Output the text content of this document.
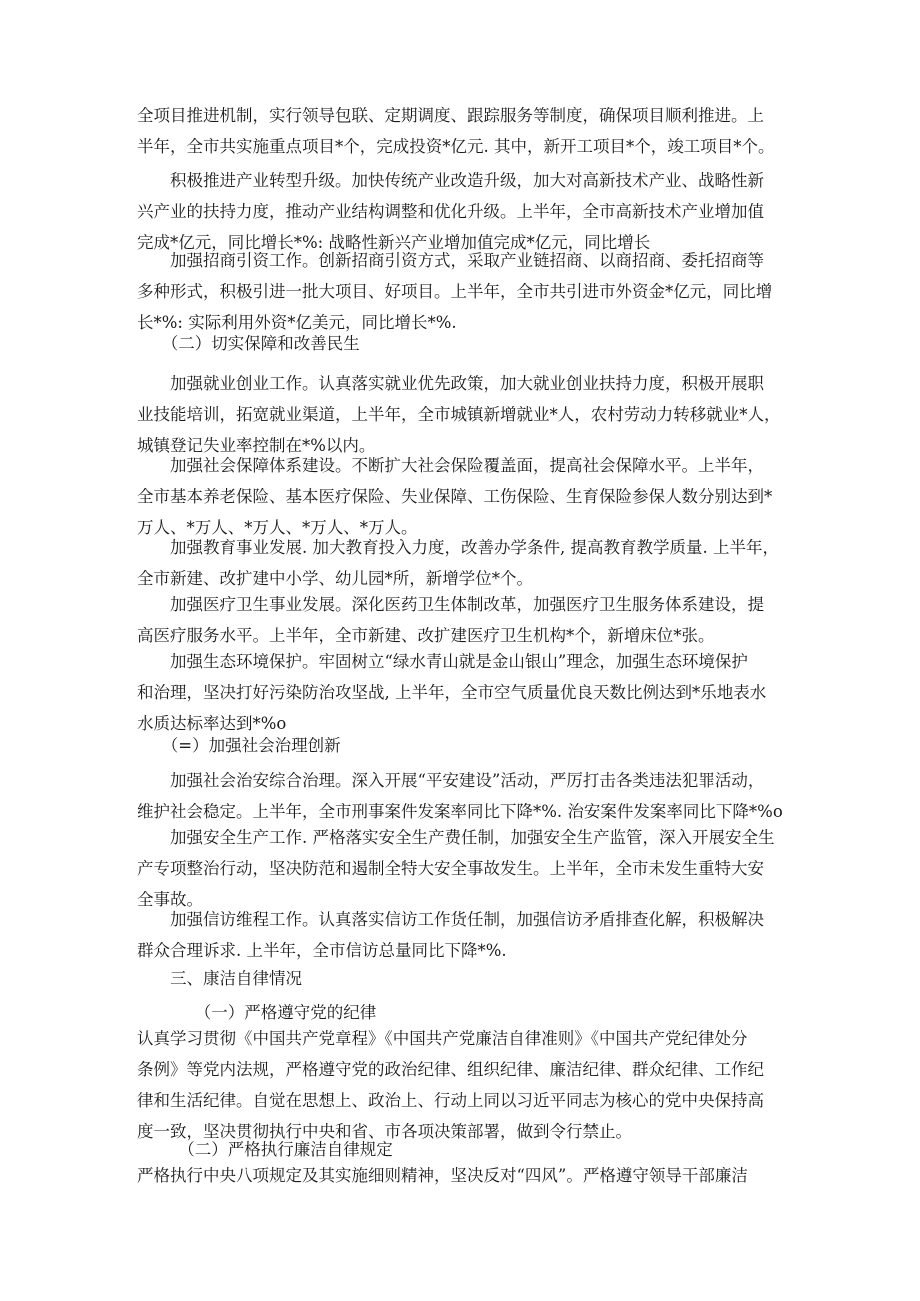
全项目推进机制，实行领导包联、定期调度、跟踪服务等制度，确保项目顺利推进。上
半年，全市共实施重点项目*个，完成投资*亿元. 其中，新开工项目*个，竣工项目*个。
　　积极推进产业转型升级。加快传统产业改造升级，加大对高新技术产业、战略性新
兴产业的扶持力度，推动产业结构调整和优化升级。上半年，全市高新技术产业增加值
完成*亿元，同比增长*%: 战略性新兴产业增加值完成*亿元，同比增长
　　加强招商引资工作。创新招商引资方式，采取产业链招商、以商招商、委托招商等
多种形式，积极引进一批大项目、好项目。上半年，全市共引进市外资金*亿元，同比增
长*%: 实际利用外资*亿美元，同比增长*%.
　　（二）切实保障和改善民生
　　加强就业创业工作。认真落实就业优先政策，加大就业创业扶持力度，积极开展职
业技能培训，拓宽就业渠道，上半年，全市城镇新增就业*人，农村劳动力转移就业*人，
城镇登记失业率控制在*%以内。
　　加强社会保障体系建设。不断扩大社会保险覆盖面，提高社会保障水平。上半年，
全市基本养老保险、基本医疗保险、失业保障、工伤保险、生育保险参保人数分别达到*
万人、*万人、*万人、*万人、*万人。
　　加强教育事业发展. 加大教育投入力度，改善办学条件, 提高教育教学质量. 上半年，
全市新建、改扩建中小学、幼儿园*所，新增学位*个。
　　加强医疗卫生事业发展。深化医药卫生体制改革，加强医疗卫生服务体系建设，提
高医疗服务水平。上半年，全市新建、改扩建医疗卫生机构*个，新增床位*张。
　　加强生态环境保护。牢固树立“绿水青山就是金山银山”理念，加强生态环境保护
和治理，坚决打好污染防治攻坚战, 上半年，全市空气质量优良天数比例达到*乐地表水
水质达标率达到*%o
　　（=）加强社会治理创新
　　加强社会治安综合治理。深入开展“平安建设”活动，严厉打击各类违法犯罪活动，
维护社会稳定。上半年，全市刑事案件发案率同比下降*%. 治安案件发案率同比下降*%o
　　加强安全生产工作. 严格落实安全生产费任制，加强安全生产监管，深入开展安全生
产专项整治行动，坚决防范和遏制全特大安全事故发生。上半年，全市未发生重特大安
全事故。
　　加强信访维程工作。认真落实信访工作货任制，加强信访矛盾排查化解，积极解决
群众合理诉求. 上半年，全市信访总量同比下降*%.
　　三、康洁自律情况
　　　　（一）严格遵守党的纪律
认真学习贯彻《中国共产党章程》《中国共产党廉洁自律准则》《中国共产党纪律处分
条例》等党内法规，严格遵守党的政治纪律、组织纪律、廉洁纪律、群众纪律、工作纪
律和生活纪律。自觉在思想上、政治上、行动上同以习近平同志为核心的党中央保持高
度一致，坚决贯彻执行中央和省、市各项决策部署，做到令行禁止。
　　　（二）严格执行廉洁自律规定
严格执行中央八项规定及其实施细则精神，坚决反对“四风”。严格遵守领导干部廉洁
